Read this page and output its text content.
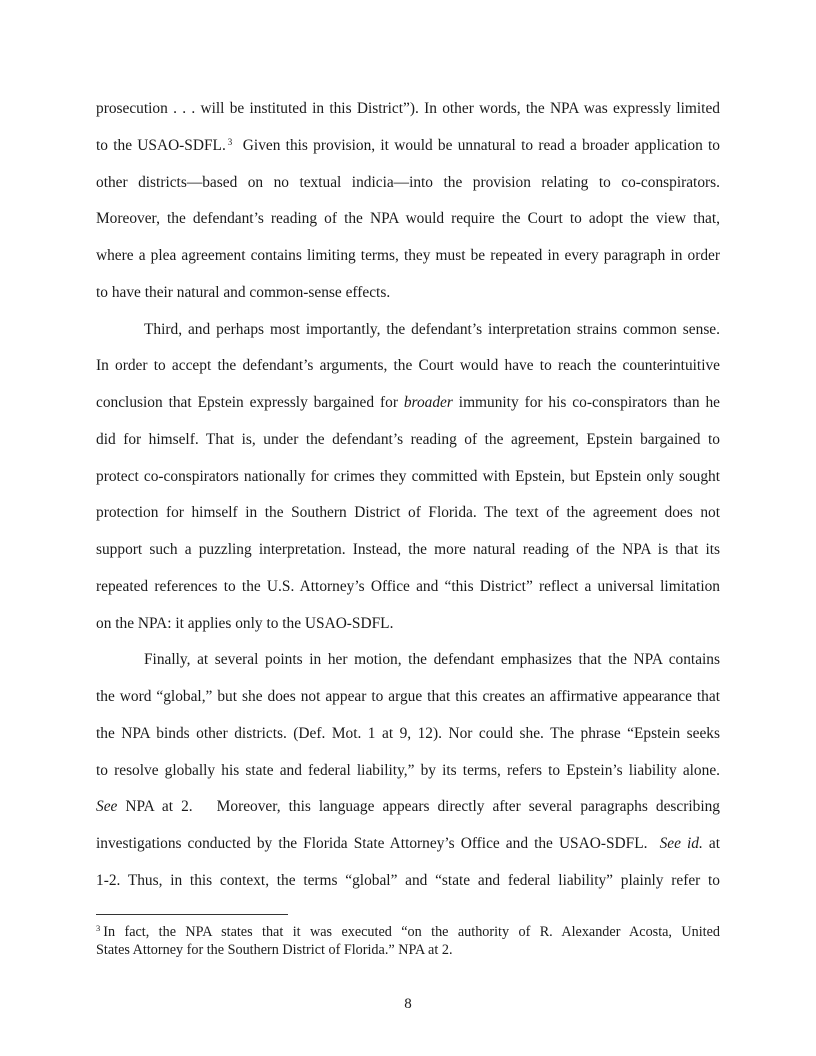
prosecution . . . will be instituted in this District”). In other words, the NPA was expressly limited
to the USAO-SDFL. $^3$  Given this provision, it would be unnatural to read a broader application to
other districts—based on no textual indicia—into the provision relating to co-conspirators.
Moreover, the defendant’s reading of the NPA would require the Court to adopt the view that,
where a plea agreement contains limiting terms, they must be repeated in every paragraph in order
to have their natural and common-sense effects.

Third, and perhaps most importantly, the defendant’s interpretation strains common sense.
In order to accept the defendant’s arguments, the Court would have to reach the counterintuitive
conclusion that Epstein expressly bargained for broader immunity for his co-conspirators than he
did for himself. That is, under the defendant’s reading of the agreement, Epstein bargained to
protect co-conspirators nationally for crimes they committed with Epstein, but Epstein only sought
protection for himself in the Southern District of Florida. The text of the agreement does not
support such a puzzling interpretation. Instead, the more natural reading of the NPA is that its
repeated references to the U.S. Attorney’s Office and “this District” reflect a universal limitation
on the NPA: it applies only to the USAO-SDFL.

Finally, at several points in her motion, the defendant emphasizes that the NPA contains
the word “global,” but she does not appear to argue that this creates an affirmative appearance that
the NPA binds other districts. (Def. Mot. 1 at 9, 12). Nor could she. The phrase “Epstein seeks
to resolve globally his state and federal liability,” by its terms, refers to Epstein’s liability alone.
See NPA at 2.   Moreover, this language appears directly after several paragraphs describing
investigations conducted by the Florida State Attorney’s Office and the USAO-SDFL.  See id. at
1-2. Thus, in this context, the terms “global” and “state and federal liability” plainly refer to

$^3$ In fact, the NPA states that it was executed “on the authority of R. Alexander Acosta, United
States Attorney for the Southern District of Florida.” NPA at 2.
8
